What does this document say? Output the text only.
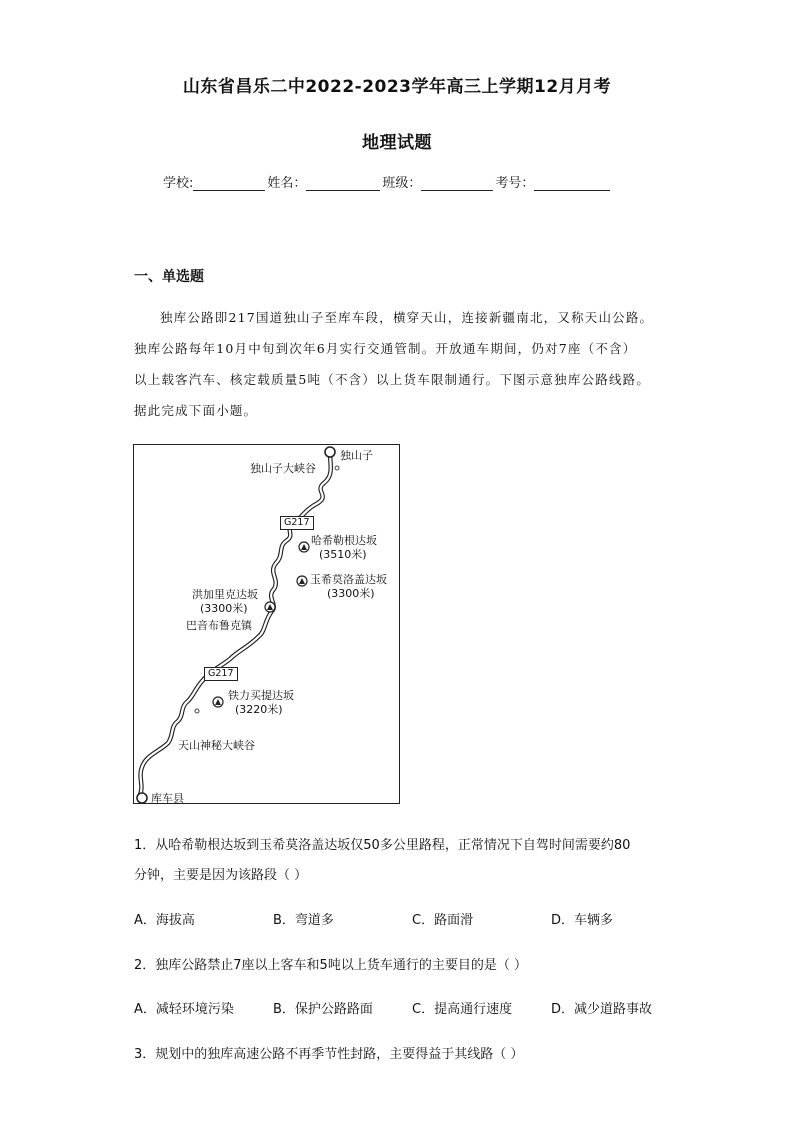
山东省昌乐二中2022-2023学年高三上学期12月月考
地理试题
学校:	姓名：	班级：	考号：
一、单选题
独库公路即217国道独山子至库车段，横穿天山，连接新疆南北，又称天山公路。
独库公路每年10月中旬到次年6月实行交通管制。开放通车期间，仍对7座（不含）
以上载客汽车、核定载质量5吨（不含）以上货车限制通行。下图示意独库公路线路。
据此完成下面小题。
独山子
独山子大峡谷
G217
哈希勒根达坂
(3510米)
玉希莫洛盖达坂
(3300米)
洪加里克达坂
(3300米)
巴音布鲁克镇
G217
铁力买提达坂
(3220米)
天山神秘大峡谷
库车县
1．从哈希勒根达坂到玉希莫洛盖达坂仅50多公里路程，正常情况下自驾时间需要约80
分钟，主要是因为该路段（ ）
A．海拔高	B．弯道多	C．路面滑	D．车辆多
2．独库公路禁止7座以上客车和5吨以上货车通行的主要目的是（ ）
A．减轻环境污染	B．保护公路路面	C．提高通行速度	D．减少道路事故
3．规划中的独库高速公路不再季节性封路，主要得益于其线路（ ）
